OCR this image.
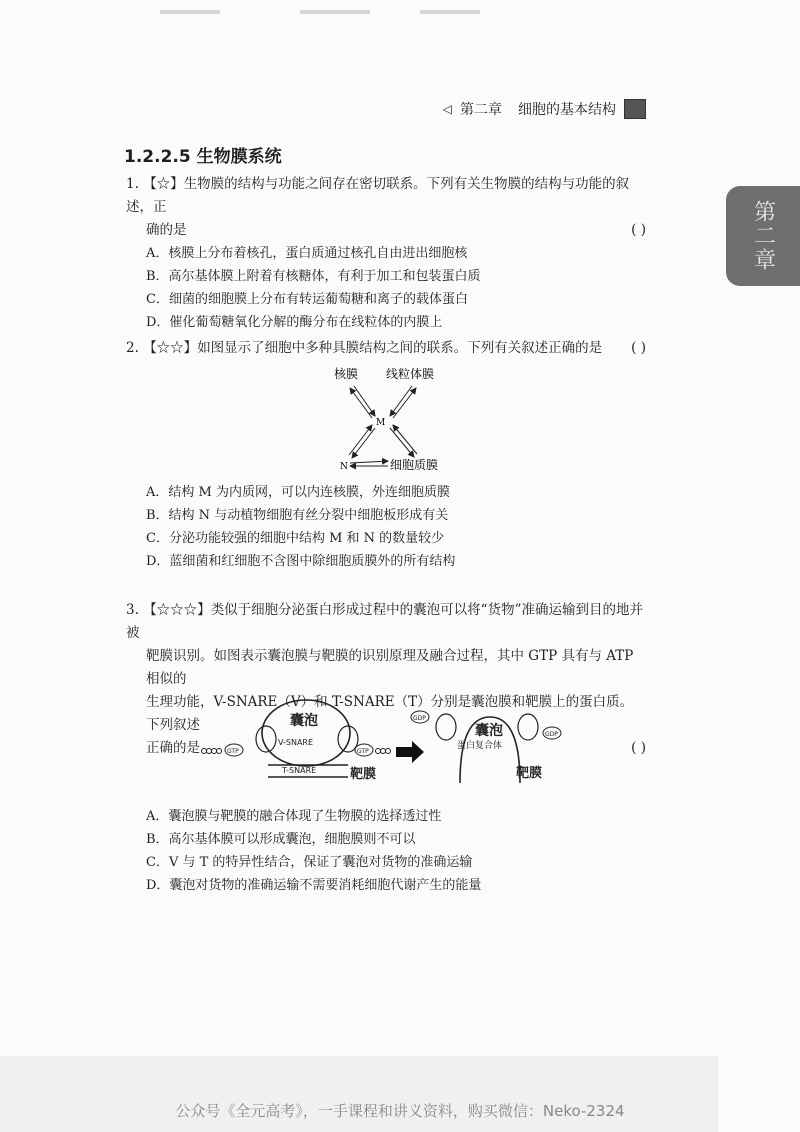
◁ 第二章 细胞的基本结构
第二章
1.2.2.5 生物膜系统
1. 【☆】生物膜的结构与功能之间存在密切联系。下列有关生物膜的结构与功能的叙述，正
确的是	( )
A．核膜上分布着核孔，蛋白质通过核孔自由进出细胞核
B．高尔基体膜上附着有核糖体，有利于加工和包装蛋白质
C．细菌的细胞膜上分布有转运葡萄糖和离子的载体蛋白
D．催化葡萄糖氧化分解的酶分布在线粒体的内膜上
2. 【☆☆】如图显示了细胞中多种具膜结构之间的联系。下列有关叙述正确的是 ( )
核膜 线粒体膜
M
N	细胞质膜
A．结构 M 为内质网，可以内连核膜，外连细胞质膜
B．结构 N 与动植物细胞有丝分裂中细胞板形成有关
C．分泌功能较强的细胞中结构 M 和 N 的数量较少
D．蓝细菌和红细胞不含图中除细胞质膜外的所有结构
3. 【☆☆☆】类似于细胞分泌蛋白形成过程中的囊泡可以将“货物”准确运输到目的地并被
靶膜识别。如图表示囊泡膜与靶膜的识别原理及融合过程，其中 GTP 具有与 ATP 相似的
生理功能，V-SNARE（V）和 T-SNARE（T）分别是囊泡膜和靶膜上的蛋白质。下列叙述
正确的是	( )
囊泡
V-SNARE
GTP	GTP
T-SNARE	靶膜
囊泡
蛋白复合体
GDP
GDP
靶膜
A．囊泡膜与靶膜的融合体现了生物膜的选择透过性
B．高尔基体膜可以形成囊泡，细胞膜则不可以
C．V 与 T 的特异性结合，保证了囊泡对货物的准确运输
D．囊泡对货物的准确运输不需要消耗细胞代谢产生的能量
公众号《全元高考》，一手课程和讲义资料，购买微信：Neko-2324
